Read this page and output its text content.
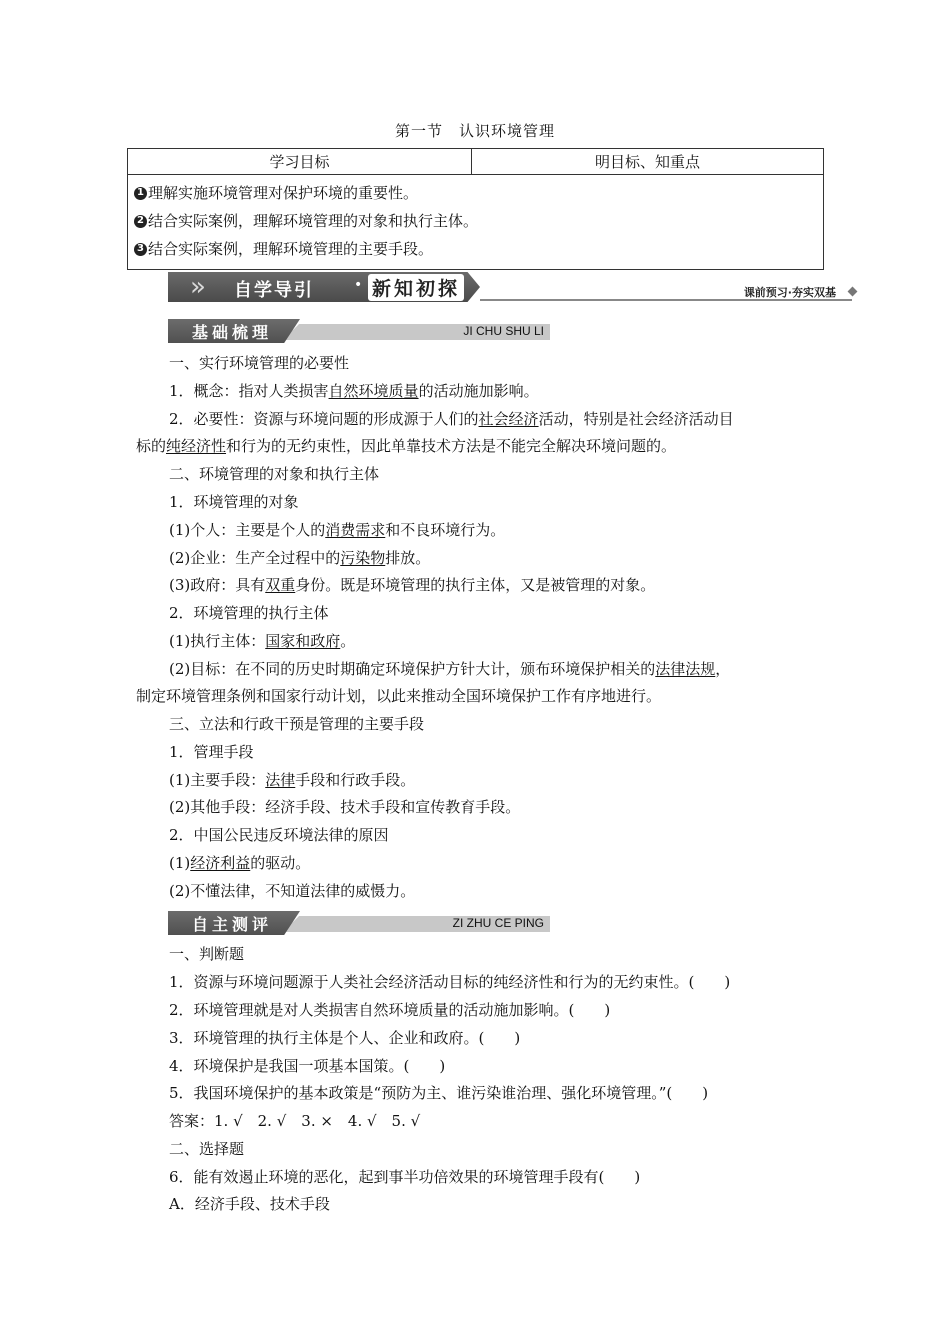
第一节　认识环境管理
学习目标	明目标、知重点

1 理解实施环境管理对保护环境的重要性。
2 结合实际案例，理解环境管理的对象和执行主体。
3 结合实际案例，理解环境管理的主要手段。
» 自学导引	• 新知初探	课前预习·夯实双基
基础梳理	JI CHU SHU LI
一、实行环境管理的必要性
1．概念：指对人类损害自然环境质量的活动施加影响。
2．必要性：资源与环境问题的形成源于人们的社会经济活动，特别是社会经济活动目
标的纯经济性和行为的无约束性，因此单靠技术方法是不能完全解决环境问题的。
二、环境管理的对象和执行主体
1．环境管理的对象
(1)个人：主要是个人的消费需求和不良环境行为。
(2)企业：生产全过程中的污染物排放。
(3)政府：具有双重身份。既是环境管理的执行主体，又是被管理的对象。
2．环境管理的执行主体
(1)执行主体：国家和政府。
(2)目标：在不同的历史时期确定环境保护方针大计，颁布环境保护相关的法律法规，
制定环境管理条例和国家行动计划，以此来推动全国环境保护工作有序地进行。
三、立法和行政干预是管理的主要手段
1．管理手段
(1)主要手段：法律手段和行政手段。
(2)其他手段：经济手段、技术手段和宣传教育手段。
2．中国公民违反环境法律的原因
(1)经济利益的驱动。
(2)不懂法律，不知道法律的威慑力。
自主测评	ZI ZHU CE PING
一、判断题
1．资源与环境问题源于人类社会经济活动目标的纯经济性和行为的无约束性。(　　)
2．环境管理就是对人类损害自然环境质量的活动施加影响。(　　)
3．环境管理的执行主体是个人、企业和政府。(　　)
4．环境保护是我国一项基本国策。(　　)
5．我国环境保护的基本政策是“预防为主、谁污染谁治理、强化环境管理。”(　　)
答案：1. √　2. √　3. ×　4. √　5. √
二、选择题
6．能有效遏止环境的恶化，起到事半功倍效果的环境管理手段有(　　)
A．经济手段、技术手段
